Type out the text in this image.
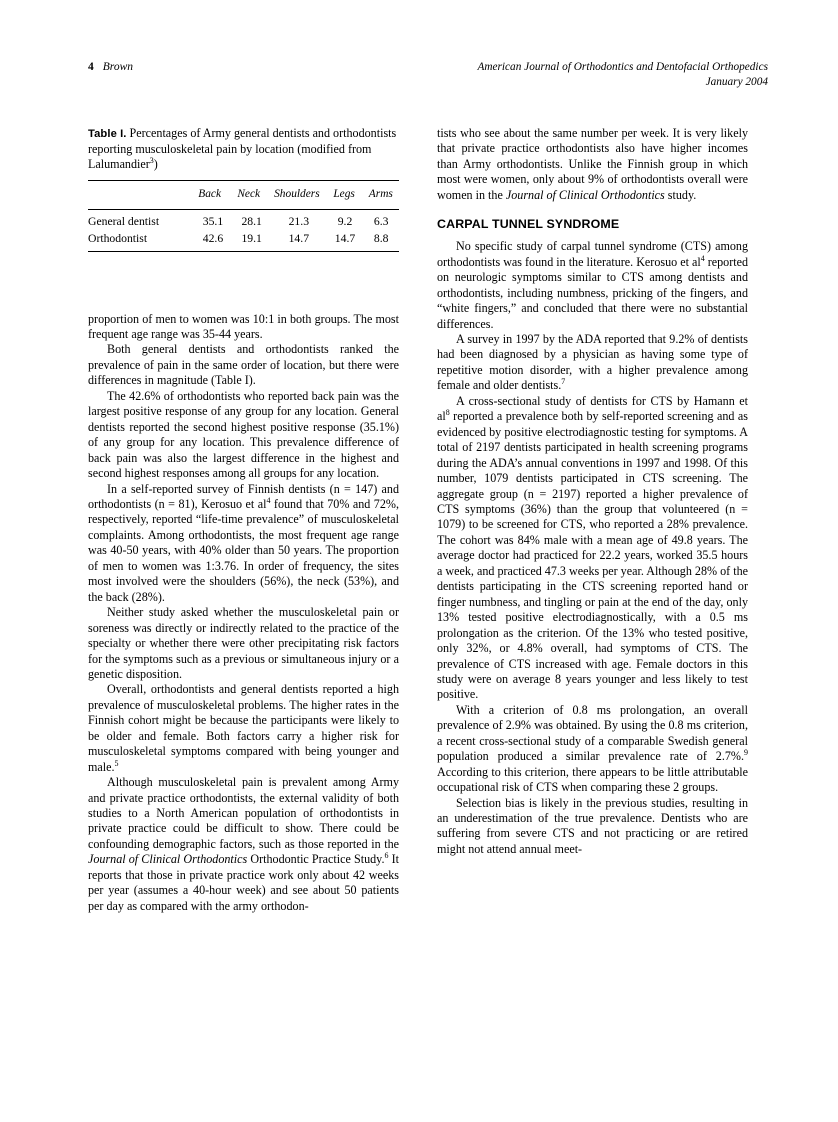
4 Brown	American Journal of Orthodontics and Dentofacial Orthopedics
January 2004
Table I. Percentages of Army general dentists and orthodontists reporting musculoskeletal pain by location (modified from Lalumandier$^3$)
	Back	Neck	Shoulders	Legs	Arms
General dentist	35.1	28.1	21.3	9.2	6.3
Orthodontist	42.6	19.1	14.7	14.7	8.8

proportion of men to women was 10:1 in both groups. The most frequent age range was 35-44 years.

Both general dentists and orthodontists ranked the prevalence of pain in the same order of location, but there were differences in magnitude (Table I).

The 42.6% of orthodontists who reported back pain was the largest positive response of any group for any location. General dentists reported the second highest positive response (35.1%) of any group for any location. This prevalence difference of back pain was also the largest difference in the highest and second highest responses among all groups for any location.

In a self-reported survey of Finnish dentists (n = 147) and orthodontists (n = 81), Kerosuo et $al^4$ found that 70% and 72%, respectively, reported “life-time prevalence” of musculoskeletal complaints. Among orthodontists, the most frequent age range was 40-50 years, with 40% older than 50 years. The proportion of men to women was 1:3.76. In order of frequency, the sites most involved were the shoulders (56%), the neck (53%), and the back (28%).

Neither study asked whether the musculoskeletal pain or soreness was directly or indirectly related to the practice of the specialty or whether there were other precipitating risk factors for the symptoms such as a previous or simultaneous injury or a genetic disposition.

Overall, orthodontists and general dentists reported a high prevalence of musculoskeletal problems. The higher rates in the Finnish cohort might be because the participants were likely to be older and female. Both factors carry a higher risk for musculoskeletal symptoms compared with being younger and male.$^5$

Although musculoskeletal pain is prevalent among Army and private practice orthodontists, the external validity of both studies to a North American population of orthodontists in private practice could be difficult to show. There could be confounding demographic factors, such as those reported in the Journal of Clinical Orthodontics Orthodontic Practice Study.$^6$ It reports that those in private practice work only about 42 weeks per year (assumes a 40-hour week) and see about 50 patients per day as compared with the army orthodon-

tists who see about the same number per week. It is very likely that private practice orthodontists also have higher incomes than Army orthodontists. Unlike the Finnish group in which most were women, only about 9% of orthodontists overall were women in the Journal of Clinical Orthodontics study.

CARPAL TUNNEL SYNDROME

No specific study of carpal tunnel syndrome (CTS) among orthodontists was found in the literature. Kerosuo et $al^4$ reported on neurologic symptoms similar to CTS among dentists and orthodontists, including numbness, pricking of the fingers, and “white fingers,” and concluded that there were no substantial differences.

A survey in 1997 by the ADA reported that 9.2% of dentists had been diagnosed by a physician as having some type of repetitive motion disorder, with a higher prevalence among female and older dentists.$^7$

A cross-sectional study of dentists for CTS by Hamann et $al^8$ reported a prevalence both by self-reported screening and as evidenced by positive electrodiagnostic testing for symptoms. A total of 2197 dentists participated in health screening programs during the ADA’s annual conventions in 1997 and 1998. Of this number, 1079 dentists participated in CTS screening. The aggregate group (n = 2197) reported a higher prevalence of CTS symptoms (36%) than the group that volunteered (n = 1079) to be screened for CTS, who reported a 28% prevalence. The cohort was 84% male with a mean age of 49.8 years. The average doctor had practiced for 22.2 years, worked 35.5 hours a week, and practiced 47.3 weeks per year. Although 28% of the dentists participating in the CTS screening reported hand or finger numbness, and tingling or pain at the end of the day, only 13% tested positive electrodiagnostically, with a 0.5 ms prolongation as the criterion. Of the 13% who tested positive, only 32%, or 4.8% overall, had symptoms of CTS. The prevalence of CTS increased with age. Female doctors in this study were on average 8 years younger and less likely to test positive.

With a criterion of 0.8 ms prolongation, an overall prevalence of 2.9% was obtained. By using the 0.8 ms criterion, a recent cross-sectional study of a comparable Swedish general population produced a similar prevalence rate of 2.7%.$^9$ According to this criterion, there appears to be little attributable occupational risk of CTS when comparing these 2 groups.

Selection bias is likely in the previous studies, resulting in an underestimation of the true prevalence. Dentists who are suffering from severe CTS and not practicing or are retired might not attend annual meet-
